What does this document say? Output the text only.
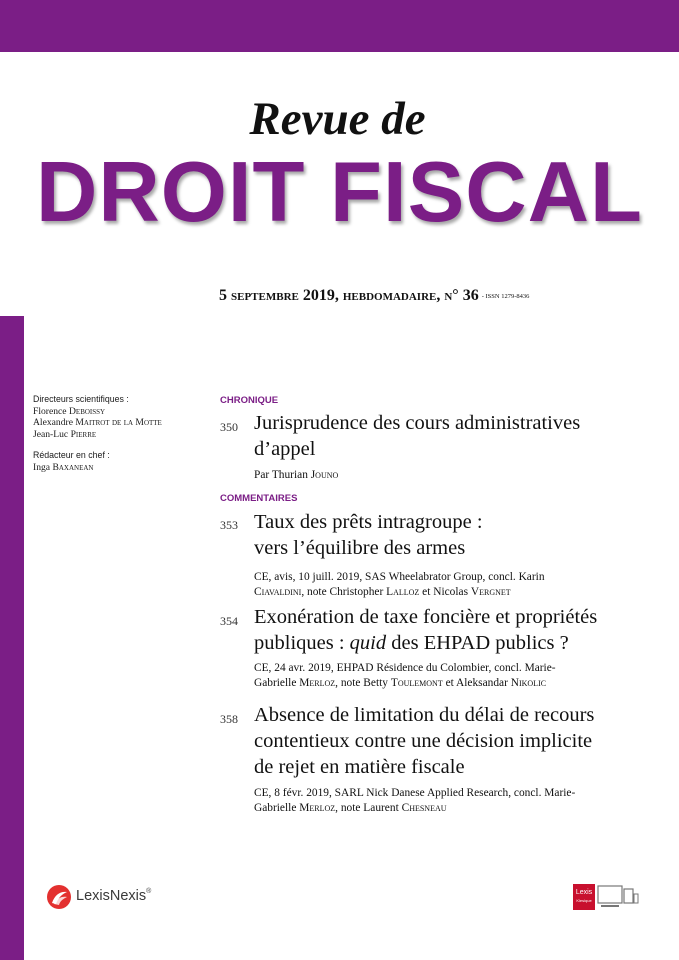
Revue de
DROIT FISCAL
5 septembre 2019, hebdomadaire, n° 36 - ISSN 1279-8436
Directeurs scientifiques :
Florence Deboissy
Alexandre Maitrot de la Motte
Jean-Luc Pierre
Rédacteur en chef :
Inga Baxanean
CHRONIQUE
350 Jurisprudence des cours administratives
d’appel
Par Thurian Jouno
COMMENTAIRES
353 Taux des prêts intragroupe :
vers l’équilibre des armes
CE, avis, 10 juill. 2019, SAS Wheelabrator Group, concl. Karin
Ciavaldini, note Christopher Lalloz et Nicolas Vergnet
354 Exonération de taxe foncière et propriétés
publiques : quid des EHPAD publics ?
CE, 24 avr. 2019, EHPAD Résidence du Colombier, concl. Marie-
Gabrielle Merloz, note Betty Toulemont et Aleksandar Nikolic
358 Absence de limitation du délai de recours
contentieux contre une décision implicite
de rejet en matière fiscale
CE, 8 févr. 2019, SARL Nick Danese Applied Research, concl. Marie-
Gabrielle Merloz, note Laurent Chesneau
LexisNexis®	Lexis
Klesique
